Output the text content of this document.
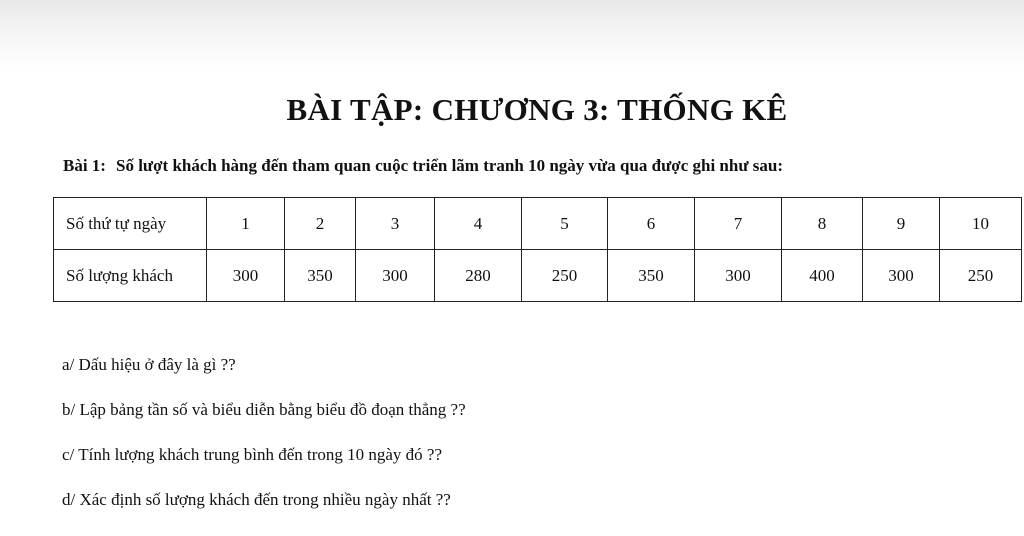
BÀI TẬP: CHƯƠNG 3: THỐNG KÊ
Bài 1: Số lượt khách hàng đến tham quan cuộc triển lãm tranh 10 ngày vừa qua được ghi như sau:
Số thứ tự ngày	1	2	3	4	5	6	7	8	9	10
Số lượng khách	300	350	300	280	250	350	300	400	300	250
a/ Dấu hiệu ở đây là gì ??
b/ Lập bảng tần số và biểu diễn bằng biểu đồ đoạn thẳng ??
c/ Tính lượng khách trung bình đến trong 10 ngày đó ??
d/ Xác định số lượng khách đến trong nhiều ngày nhất ??
